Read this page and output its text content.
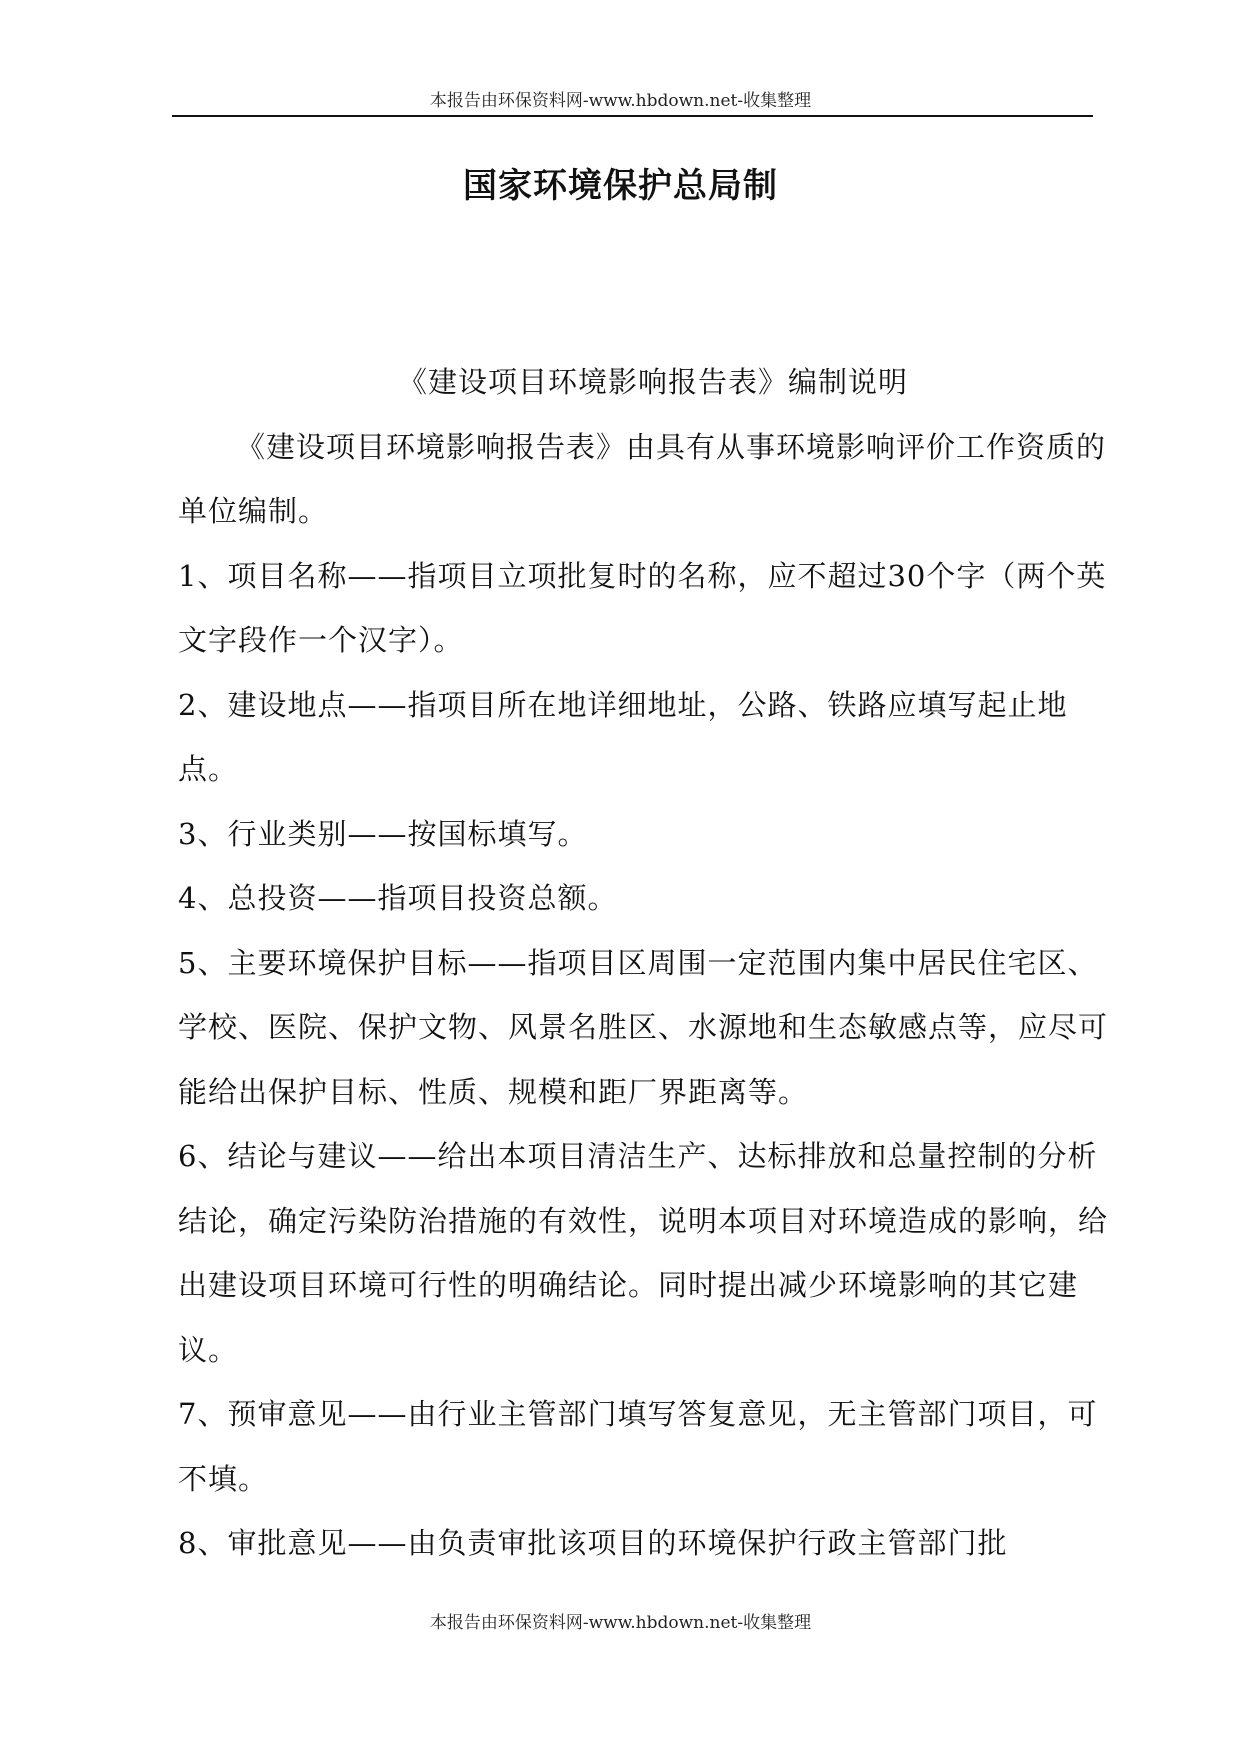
本报告由环保资料网-www.hbdown.net-收集整理
国家环境保护总局制

《建设项目环境影响报告表》编制说明

《建设项目环境影响报告表》由具有从事环境影响评价工作资质的单位编制。

1、项目名称——指项目立项批复时的名称，应不超过30个字（两个英文字段作一个汉字）。

2、建设地点——指项目所在地详细地址，公路、铁路应填写起止地点。

3、行业类别——按国标填写。

4、总投资——指项目投资总额。

5、主要环境保护目标——指项目区周围一定范围内集中居民住宅区、学校、医院、保护文物、风景名胜区、水源地和生态敏感点等，应尽可能给出保护目标、性质、规模和距厂界距离等。

6、结论与建议——给出本项目清洁生产、达标排放和总量控制的分析结论，确定污染防治措施的有效性，说明本项目对环境造成的影响，给出建设项目环境可行性的明确结论。同时提出减少环境影响的其它建议。

7、预审意见——由行业主管部门填写答复意见，无主管部门项目，可不填。

8、审批意见——由负责审批该项目的环境保护行政主管部门批

本报告由环保资料网-www.hbdown.net-收集整理
